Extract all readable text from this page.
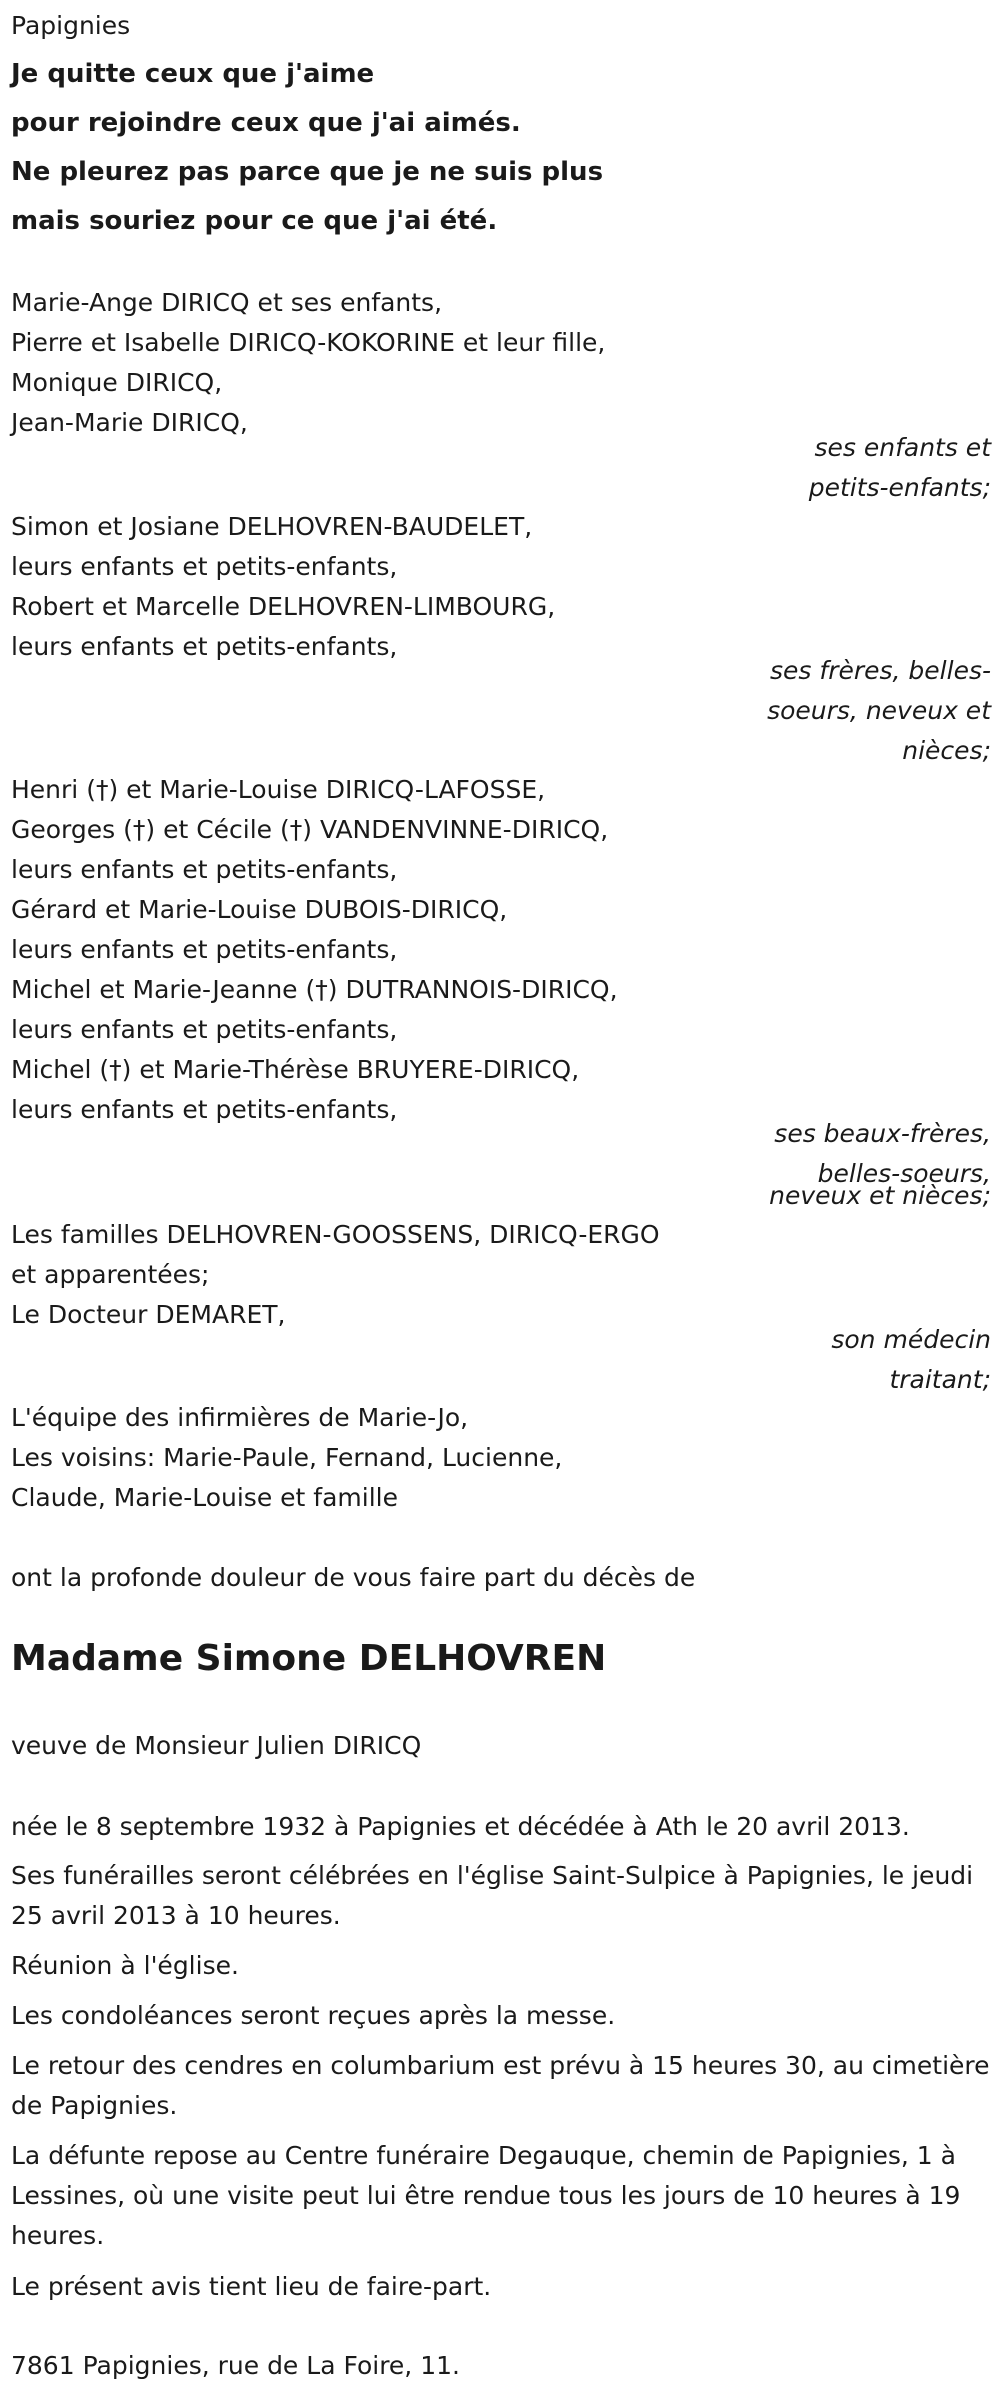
Papignies
Je quitte ceux que j'aime
pour rejoindre ceux que j'ai aimés.
Ne pleurez pas parce que je ne suis plus
mais souriez pour ce que j'ai été.
Marie-Ange DIRICQ et ses enfants,
Pierre et Isabelle DIRICQ-KOKORINE et leur fille,
Monique DIRICQ,
Jean-Marie DIRICQ,
ses enfants et
petits-enfants;
Simon et Josiane DELHOVREN-BAUDELET,
leurs enfants et petits-enfants,
Robert et Marcelle DELHOVREN-LIMBOURG,
leurs enfants et petits-enfants,
ses frères, belles-
soeurs, neveux et
nièces;
Henri (†) et Marie-Louise DIRICQ-LAFOSSE,
Georges (†) et Cécile (†) VANDENVINNE-DIRICQ,
leurs enfants et petits-enfants,
Gérard et Marie-Louise DUBOIS-DIRICQ,
leurs enfants et petits-enfants,
Michel et Marie-Jeanne (†) DUTRANNOIS-DIRICQ,
leurs enfants et petits-enfants,
Michel (†) et Marie-Thérèse BRUYERE-DIRICQ,
leurs enfants et petits-enfants,
ses beaux-frères,
belles-soeurs,
neveux et nièces;
Les familles DELHOVREN-GOOSSENS, DIRICQ-ERGO
et apparentées;
Le Docteur DEMARET,
son médecin
traitant;
L'équipe des infirmières de Marie-Jo,
Les voisins: Marie-Paule, Fernand, Lucienne,
Claude, Marie-Louise et famille
ont la profonde douleur de vous faire part du décès de
Madame Simone DELHOVREN
veuve de Monsieur Julien DIRICQ
née le 8 septembre 1932 à Papignies et décédée à Ath le 20 avril 2013.
Ses funérailles seront célébrées en l'église Saint-Sulpice à Papignies, le jeudi 25 avril 2013 à 10 heures.
Réunion à l'église.
Les condoléances seront reçues après la messe.
Le retour des cendres en columbarium est prévu à 15 heures 30, au cimetière de Papignies.
La défunte repose au Centre funéraire Degauque, chemin de Papignies, 1 à Lessines, où une visite peut lui être rendue tous les jours de 10 heures à 19 heures.
Le présent avis tient lieu de faire-part.
7861 Papignies, rue de La Foire, 11.
